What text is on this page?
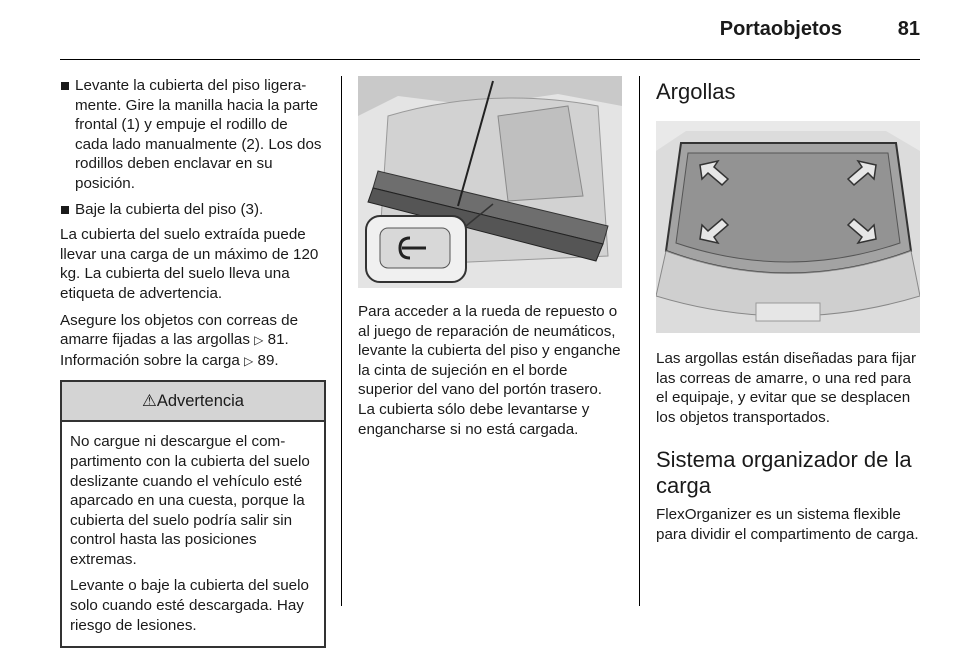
Portaobjetos	81
Levante la cubierta del piso ligeramente. Gire la manilla hacia la parte frontal (1) y empuje el rodillo de cada lado manualmente (2). Los dos rodillos deben enclavar en su posición.
Baje la cubierta del piso (3).

La cubierta del suelo extraída puede llevar una carga de un máximo de 120 kg. La cubierta del suelo lleva una etiqueta de advertencia.

Asegure los objetos con correas de amarre fijadas a las argollas ▷ 81. Información sobre la carga ▷ 89.

⚠Advertencia

No cargue ni descargue el compartimento con la cubierta del suelo deslizante cuando el vehículo esté aparcado en una cuesta, porque la cubierta del suelo podría salir sin control hasta las posiciones extremas.

Levante o baje la cubierta del suelo solo cuando esté descargada. Hay riesgo de lesiones.

Para acceder a la rueda de repuesto o al juego de reparación de neumáticos, levante la cubierta del piso y enganche la cinta de sujeción en el borde superior del vano del portón trasero. La cubierta sólo debe levantarse y engancharse si no está cargada.

Argollas

Las argollas están diseñadas para fijar las correas de amarre, o una red para el equipaje, y evitar que se desplacen los objetos transportados.

Sistema organizador de la carga

FlexOrganizer es un sistema flexible para dividir el compartimento de carga.
